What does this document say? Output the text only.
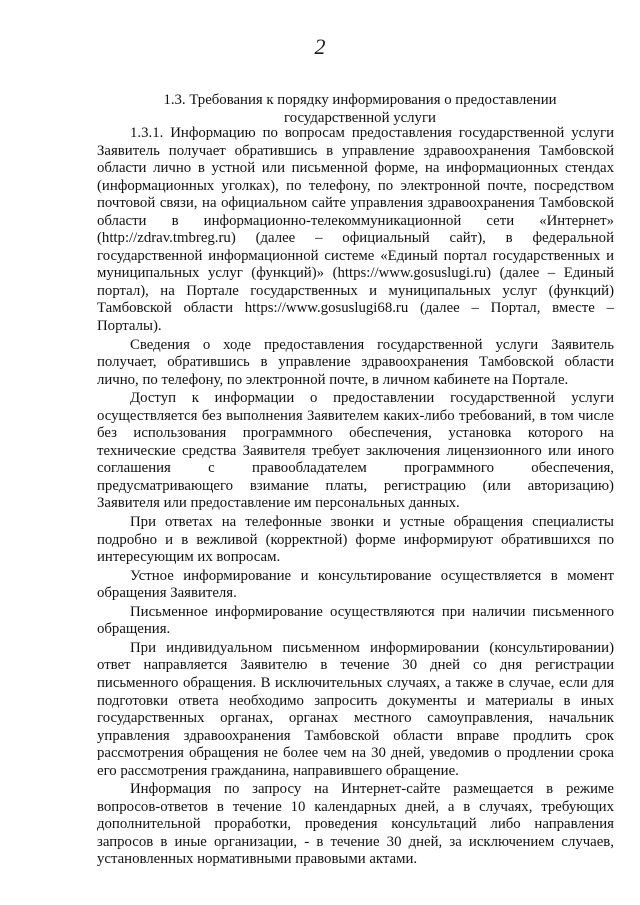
2
1.3. Требования к порядку информирования о предоставлении государственной услуги

1.3.1. Информацию по вопросам предоставления государственной услуги Заявитель получает обратившись в управление здравоохранения Тамбовской области лично в устной или письменной форме, на информационных стендах (информационных уголках), по телефону, по электронной почте, посредством почтовой связи, на официальном сайте управления здравоохранения Тамбовской области в информационно-телекоммуникационной сети «Интернет» (http://zdrav.tmbreg.ru) (далее – официальный сайт), в федеральной государственной информационной системе «Единый портал государственных и муниципальных услуг (функций)» (https://www.gosuslugi.ru) (далее – Единый портал), на Портале государственных и муниципальных услуг (функций) Тамбовской области https://www.gosuslugi68.ru (далее – Портал, вместе – Порталы).

Сведения о ходе предоставления государственной услуги Заявитель получает, обратившись в управление здравоохранения Тамбовской области лично, по телефону, по электронной почте, в личном кабинете на Портале.

Доступ к информации о предоставлении государственной услуги осуществляется без выполнения Заявителем каких-либо требований, в том числе без использования программного обеспечения, установка которого на технические средства Заявителя требует заключения лицензионного или иного соглашения с правообладателем программного обеспечения, предусматривающего взимание платы, регистрацию (или авторизацию) Заявителя или предоставление им персональных данных.

При ответах на телефонные звонки и устные обращения специалисты подробно и в вежливой (корректной) форме информируют обратившихся по интересующим их вопросам.

Устное информирование и консультирование осуществляется в момент обращения Заявителя.

Письменное информирование осуществляются при наличии письменного обращения.

При индивидуальном письменном информировании (консультировании) ответ направляется Заявителю в течение 30 дней со дня регистрации письменного обращения. В исключительных случаях, а также в случае, если для подготовки ответа необходимо запросить документы и материалы в иных государственных органах, органах местного самоуправления, начальник управления здравоохранения Тамбовской области вправе продлить срок рассмотрения обращения не более чем на 30 дней, уведомив о продлении срока его рассмотрения гражданина, направившего обращение.

Информация по запросу на Интернет-сайте размещается в режиме вопросов-ответов в течение 10 календарных дней, а в случаях, требующих дополнительной проработки, проведения консультаций либо направления запросов в иные организации, - в течение 30 дней, за исключением случаев, установленных нормативными правовыми актами.
